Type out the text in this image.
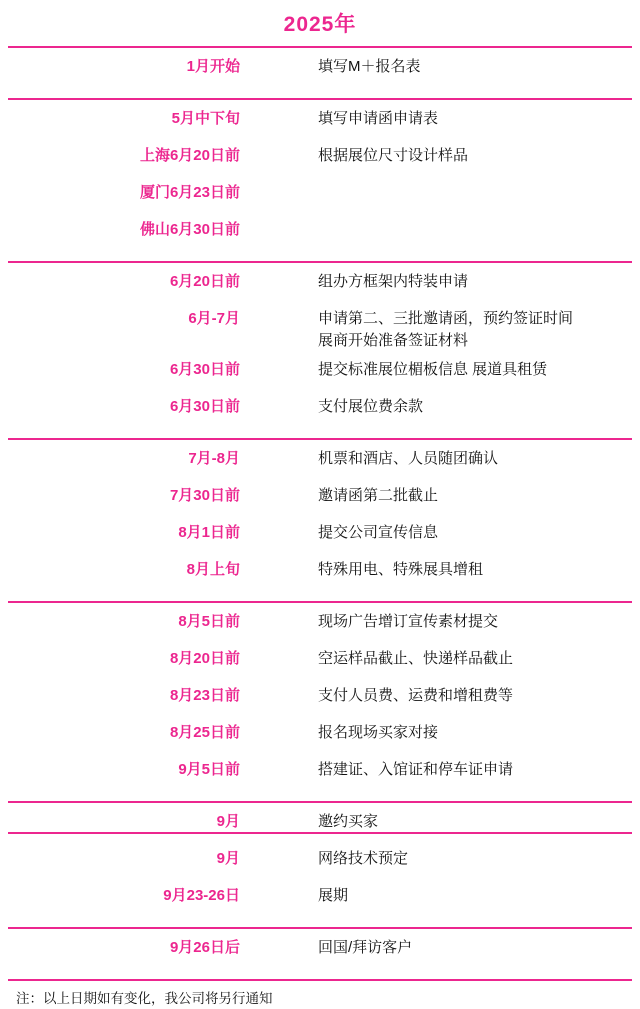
2025年
1月开始	填写M＋报名表
5月中下旬	填写申请函申请表
上海6月20日前	根据展位尺寸设计样品
厦门6月23日前
佛山6月30日前
6月20日前	组办方框架内特装申请
6月-7月	申请第二、三批邀请函，预约签证时间
展商开始准备签证材料
6月30日前	提交标准展位楣板信息 展道具租赁
6月30日前	支付展位费余款
7月-8月	机票和酒店、人员随团确认
7月30日前	邀请函第二批截止
8月1日前	提交公司宣传信息
8月上旬	特殊用电、特殊展具增租
8月5日前	现场广告增订宣传素材提交
8月20日前	空运样品截止、快递样品截止
8月23日前	支付人员费、运费和增租费等
8月25日前	报名现场买家对接
9月5日前	搭建证、入馆证和停车证申请
9月	邀约买家
9月	网络技术预定
9月23-26日	展期
9月26日后	回国/拜访客户
注：以上日期如有变化，我公司将另行通知
